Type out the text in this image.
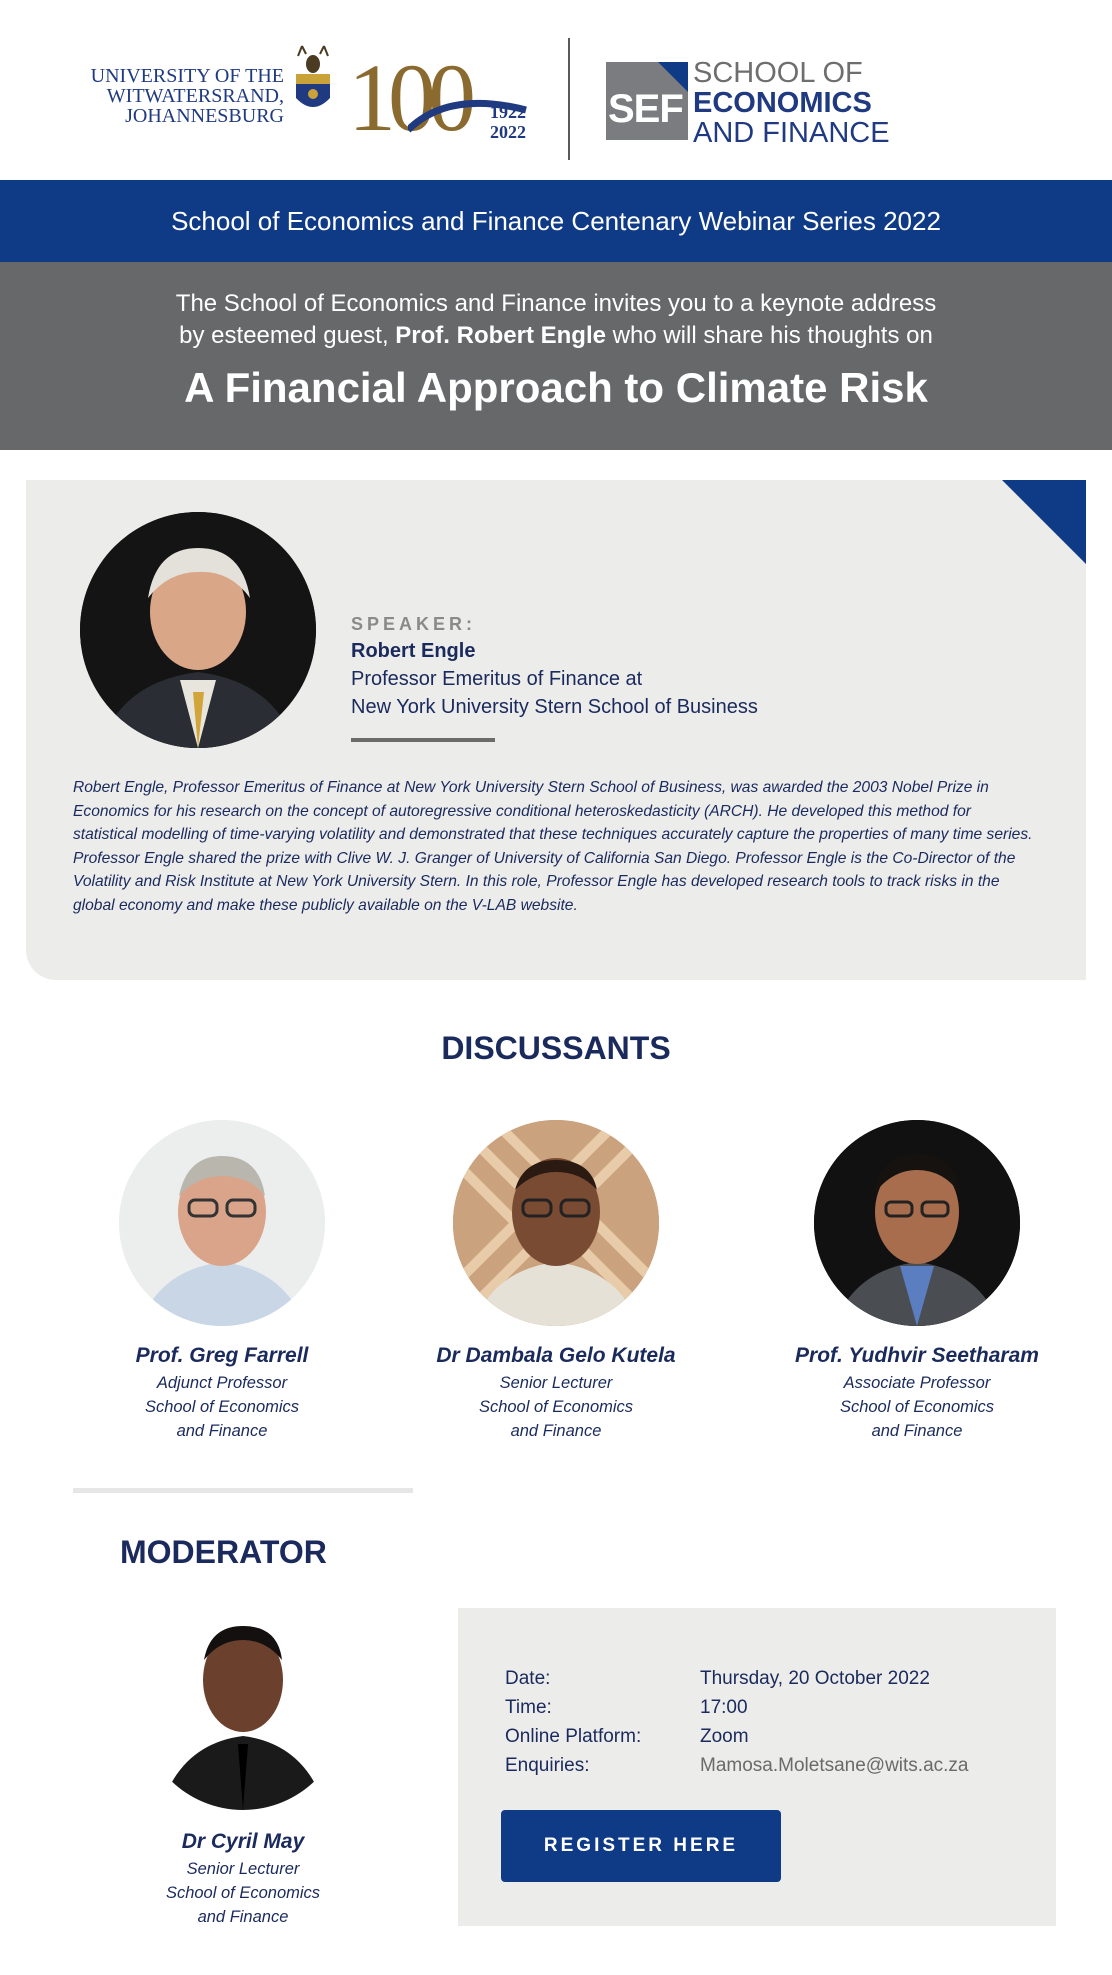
UNIVERSITY OF THE
WITWATERSRAND,
JOHANNESBURG 100 1922
2022
SEF
SCHOOL OF
ECONOMICS
AND FINANCE
School of Economics and Finance Centenary Webinar Series 2022
The School of Economics and Finance invites you to a keynote address
by esteemed guest, Prof. Robert Engle who will share his thoughts on
A Financial Approach to Climate Risk
SPEAKER:
Robert Engle
Professor Emeritus of Finance at
New York University Stern School of Business
Robert Engle, Professor Emeritus of Finance at New York University Stern School of Business, was awarded the 2003 Nobel Prize in Economics for his research on the concept of autoregressive conditional heteroskedasticity (ARCH). He developed this method for statistical modelling of time-varying volatility and demonstrated that these techniques accurately capture the properties of many time series. Professor Engle shared the prize with Clive W. J. Granger of University of California San Diego. Professor Engle is the Co-Director of the Volatility and Risk Institute at New York University Stern. In this role, Professor Engle has developed research tools to track risks in the global economy and make these publicly available on the V-LAB website.
DISCUSSANTS
Prof. Greg Farrell
Adjunct Professor
School of Economics
and Finance
Dr Dambala Gelo Kutela
Senior Lecturer
School of Economics
and Finance
Prof. Yudhvir Seetharam
Associate Professor
School of Economics
and Finance
MODERATOR
Dr Cyril May
Senior Lecturer
School of Economics
and Finance
Date:	Thursday, 20 October 2022
Time:	17:00
Online Platform:	Zoom
Enquiries:	Mamosa.Moletsane@wits.ac.za
REGISTER HERE
